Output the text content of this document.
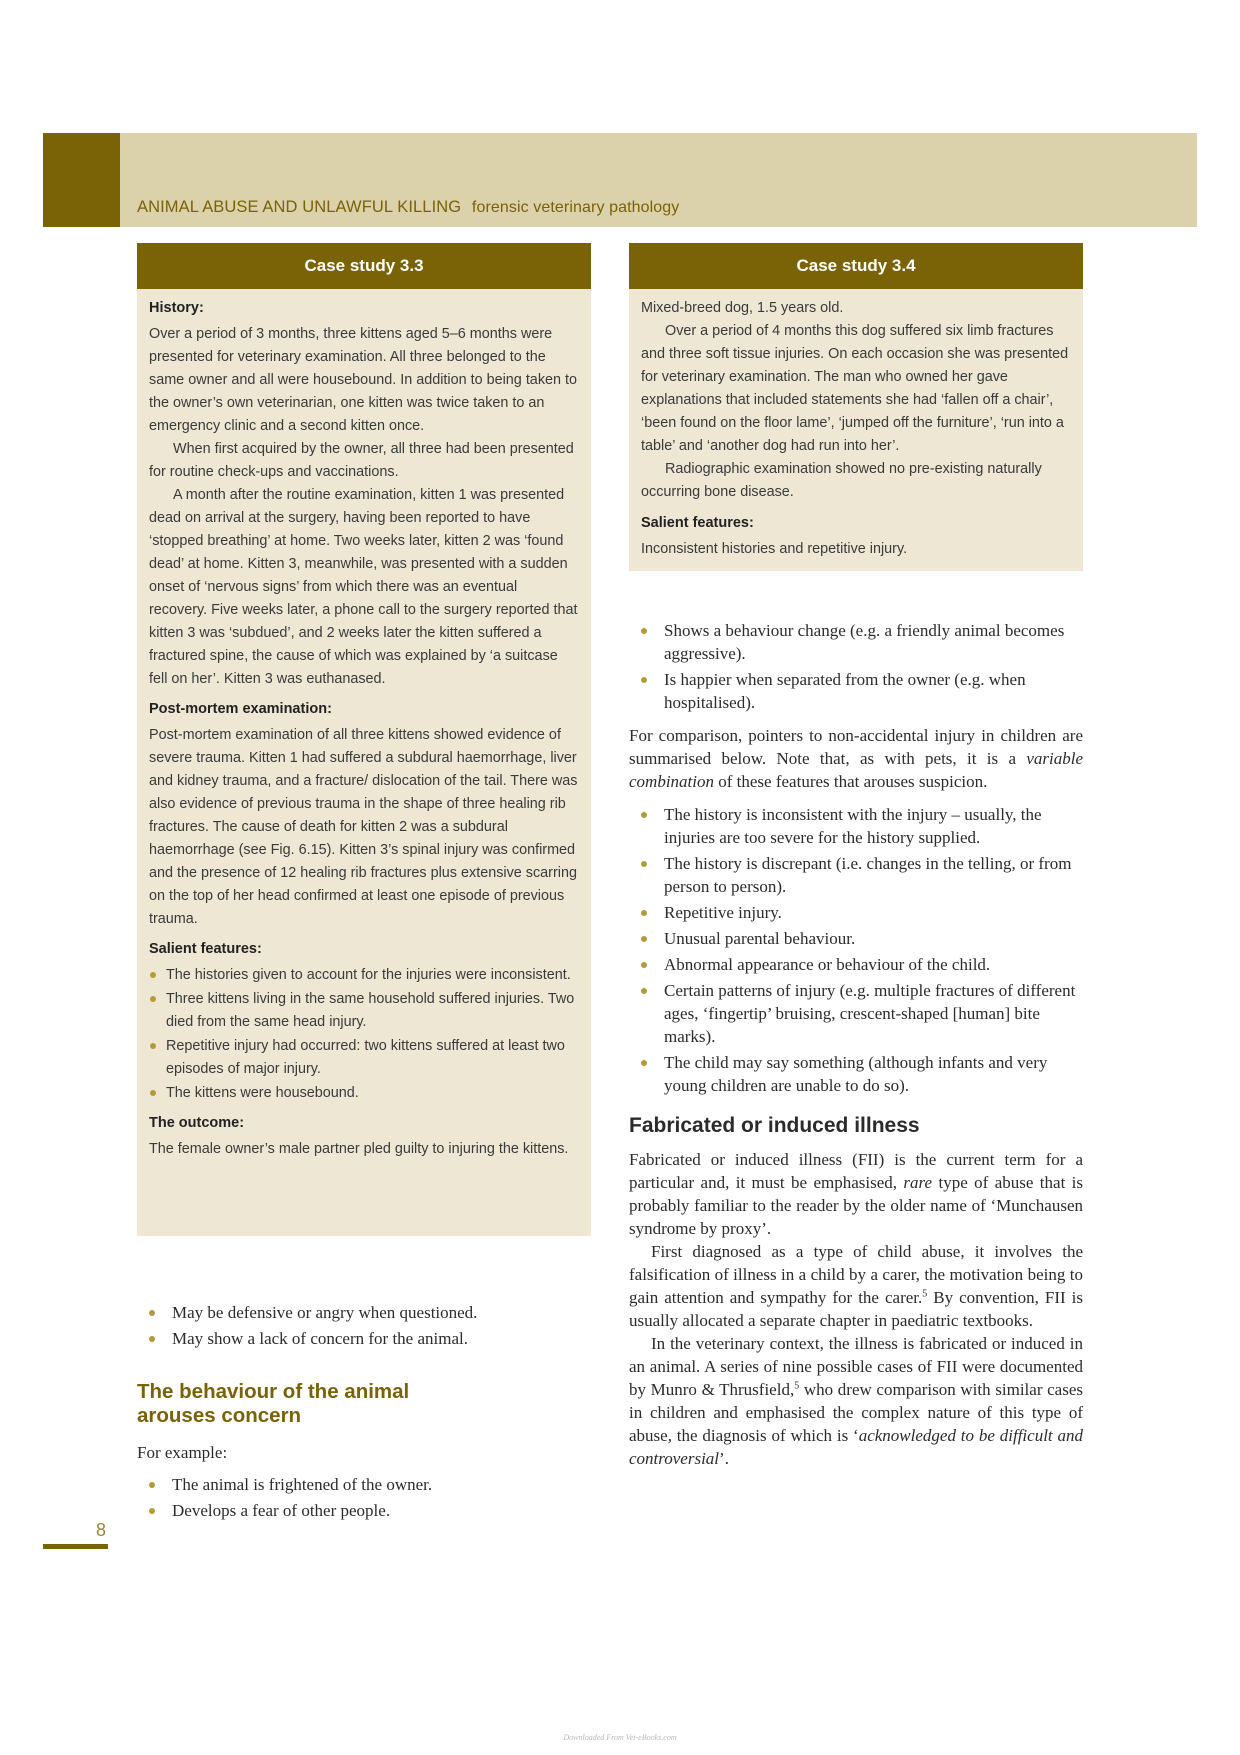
ANIMAL ABUSE AND UNLAWFUL KILLING forensic veterinary pathology
Case study 3.3
History:

Over a period of 3 months, three kittens aged 5–6 months were presented for veterinary examination. All three belonged to the same owner and all were housebound. In addition to being taken to the owner’s own veterinarian, one kitten was twice taken to an emergency clinic and a second kitten once.

When first acquired by the owner, all three had been presented for routine check-ups and vaccinations.

A month after the routine examination, kitten 1 was presented dead on arrival at the surgery, having been reported to have ‘stopped breathing’ at home. Two weeks later, kitten 2 was ‘found dead’ at home. Kitten 3, meanwhile, was presented with a sudden onset of ‘nervous signs’ from which there was an eventual recovery. Five weeks later, a phone call to the surgery reported that kitten 3 was ‘subdued’, and 2 weeks later the kitten suffered a fractured spine, the cause of which was explained by ‘a suitcase fell on her’. Kitten 3 was euthanased.

Post-mortem examination:

Post-mortem examination of all three kittens showed evidence of severe trauma. Kitten 1 had suffered a subdural haemorrhage, liver and kidney trauma, and a fracture/ dislocation of the tail. There was also evidence of previous trauma in the shape of three healing rib fractures. The cause of death for kitten 2 was a subdural haemorrhage (see Fig. 6.15). Kitten 3’s spinal injury was confirmed and the presence of 12 healing rib fractures plus extensive scarring on the top of her head confirmed at least one episode of previous trauma.

Salient features:
The histories given to account for the injuries were inconsistent.
Three kittens living in the same household suffered injuries. Two died from the same head injury.
Repetitive injury had occurred: two kittens suffered at least two episodes of major injury.
The kittens were housebound.
The outcome:

The female owner’s male partner pled guilty to injuring the kittens.

Case study 3.4

Mixed-breed dog, 1.5 years old.

Over a period of 4 months this dog suffered six limb fractures and three soft tissue injuries. On each occasion she was presented for veterinary examination. The man who owned her gave explanations that included statements she had ‘fallen off a chair’, ‘been found on the floor lame’, ‘jumped off the furniture’, ‘run into a table’ and ‘another dog had run into her’.

Radiographic examination showed no pre-existing naturally occurring bone disease.

Salient features:

Inconsistent histories and repetitive injury.

May be defensive or angry when questioned.
May show a lack of concern for the animal.
The behaviour of the animal arouses concern

For example:

The animal is frightened of the owner.
Develops a fear of other people.
Shows a behaviour change (e.g. a friendly animal becomes aggressive).
Is happier when separated from the owner (e.g. when hospitalised).

For comparison, pointers to non-accidental injury in children are summarised below. Note that, as with pets, it is a variable combination of these features that arouses suspicion.

The history is inconsistent with the injury – usually, the injuries are too severe for the history supplied.
The history is discrepant (i.e. changes in the telling, or from person to person).
Repetitive injury.
Unusual parental behaviour.
Abnormal appearance or behaviour of the child.
Certain patterns of injury (e.g. multiple fractures of different ages, ‘fingertip’ bruising, crescent-shaped [human] bite marks).
The child may say something (although infants and very young children are unable to do so).
Fabricated or induced illness

Fabricated or induced illness (FII) is the current term for a particular and, it must be emphasised, rare type of abuse that is probably familiar to the reader by the older name of ‘Munchausen syndrome by proxy’.

First diagnosed as a type of child abuse, it involves the falsification of illness in a child by a carer, the motivation being to gain attention and sympathy for the carer.$^5$ By convention, FII is usually allocated a separate chapter in paediatric textbooks.

In the veterinary context, the illness is fabricated or induced in an animal. A series of nine possible cases of FII were documented by Munro & Thrusfield,$^5$ who drew comparison with similar cases in children and emphasised the complex nature of this type of abuse, the diagnosis of which is ‘acknowledged to be difficult and controversial’.

8
Downloaded From Vet-eBooks.com
